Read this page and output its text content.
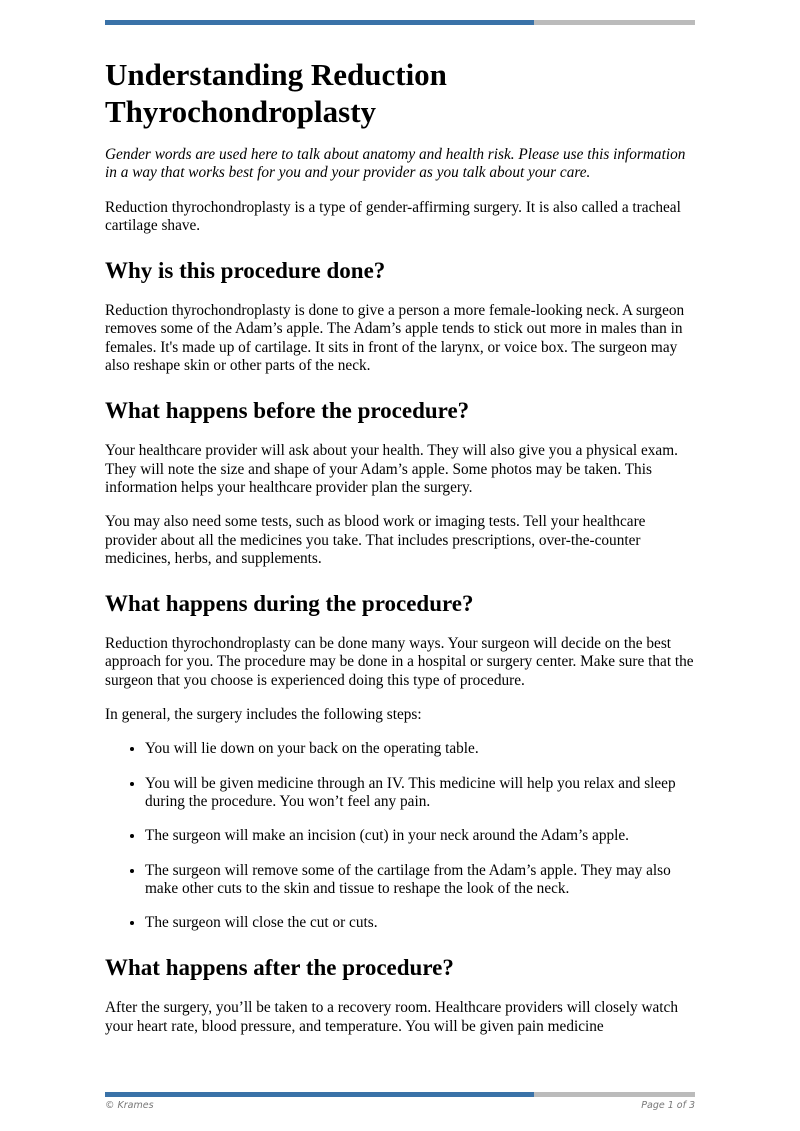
Understanding Reduction Thyrochondroplasty

Gender words are used here to talk about anatomy and health risk. Please use this information in a way that works best for you and your provider as you talk about your care.

Reduction thyrochondroplasty is a type of gender-affirming surgery. It is also called a tracheal cartilage shave.

Why is this procedure done?

Reduction thyrochondroplasty is done to give a person a more female-looking neck. A surgeon removes some of the Adam’s apple. The Adam’s apple tends to stick out more in males than in females. It's made up of cartilage. It sits in front of the larynx, or voice box. The surgeon may also reshape skin or other parts of the neck.

What happens before the procedure?

Your healthcare provider will ask about your health. They will also give you a physical exam. They will note the size and shape of your Adam’s apple. Some photos may be taken. This information helps your healthcare provider plan the surgery.

You may also need some tests, such as blood work or imaging tests. Tell your healthcare provider about all the medicines you take. That includes prescriptions, over-the-counter medicines, herbs, and supplements.

What happens during the procedure?

Reduction thyrochondroplasty can be done many ways. Your surgeon will decide on the best approach for you. The procedure may be done in a hospital or surgery center. Make sure that the surgeon that you choose is experienced doing this type of procedure.

In general, the surgery includes the following steps:

• You will lie down on your back on the operating table.
• You will be given medicine through an IV. This medicine will help you relax and sleep during the procedure. You won’t feel any pain.
• The surgeon will make an incision (cut) in your neck around the Adam’s apple.
• The surgeon will remove some of the cartilage from the Adam’s apple. They may also make other cuts to the skin and tissue to reshape the look of the neck.
• The surgeon will close the cut or cuts.
What happens after the procedure?

After the surgery, you’ll be taken to a recovery room. Healthcare providers will closely watch your heart rate, blood pressure, and temperature. You will be given pain medicine

© Krames	Page 1 of 3
